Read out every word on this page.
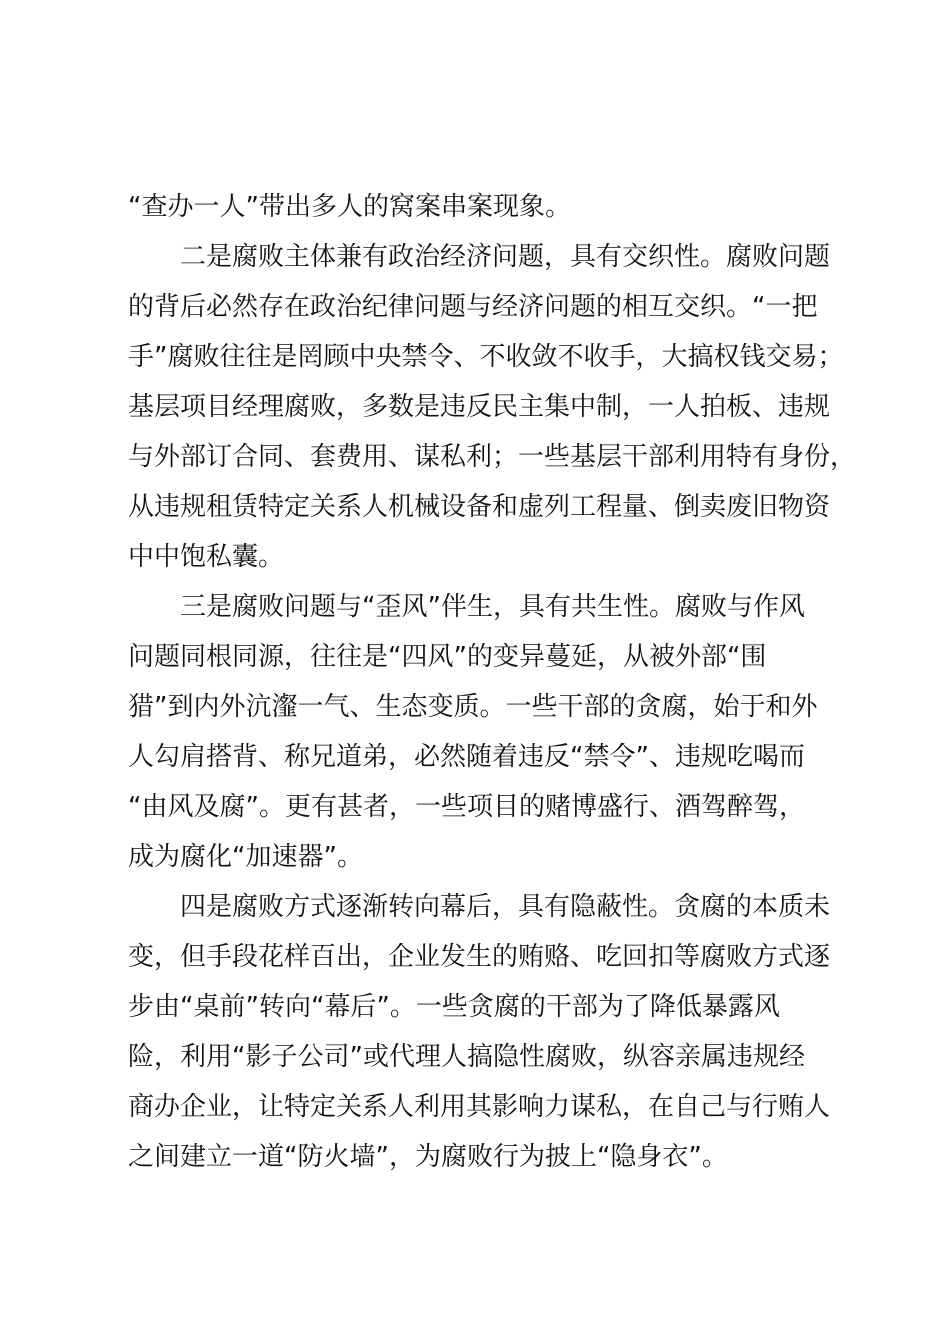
“查办一人”带出多人的窝案串案现象。
二是腐败主体兼有政治经济问题，具有交织性。腐败问题
的背后必然存在政治纪律问题与经济问题的相互交织。“一把
手”腐败往往是罔顾中央禁令、不收敛不收手，大搞权钱交易；
基层项目经理腐败，多数是违反民主集中制，一人拍板、违规
与外部订合同、套费用、谋私利；一些基层干部利用特有身份，
从违规租赁特定关系人机械设备和虚列工程量、倒卖废旧物资
中中饱私囊。
三是腐败问题与“歪风”伴生，具有共生性。腐败与作风
问题同根同源，往往是“四风”的变异蔓延，从被外部“围
猎”到内外沆瀣一气、生态变质。一些干部的贪腐，始于和外
人勾肩搭背、称兄道弟，必然随着违反“禁令”、违规吃喝而
“由风及腐”。更有甚者，一些项目的赌博盛行、酒驾醉驾，
成为腐化“加速器”。
四是腐败方式逐渐转向幕后，具有隐蔽性。贪腐的本质未
变，但手段花样百出，企业发生的贿赂、吃回扣等腐败方式逐
步由“桌前”转向“幕后”。一些贪腐的干部为了降低暴露风
险，利用“影子公司”或代理人搞隐性腐败，纵容亲属违规经
商办企业，让特定关系人利用其影响力谋私，在自己与行贿人
之间建立一道“防火墙”，为腐败行为披上“隐身衣”。
